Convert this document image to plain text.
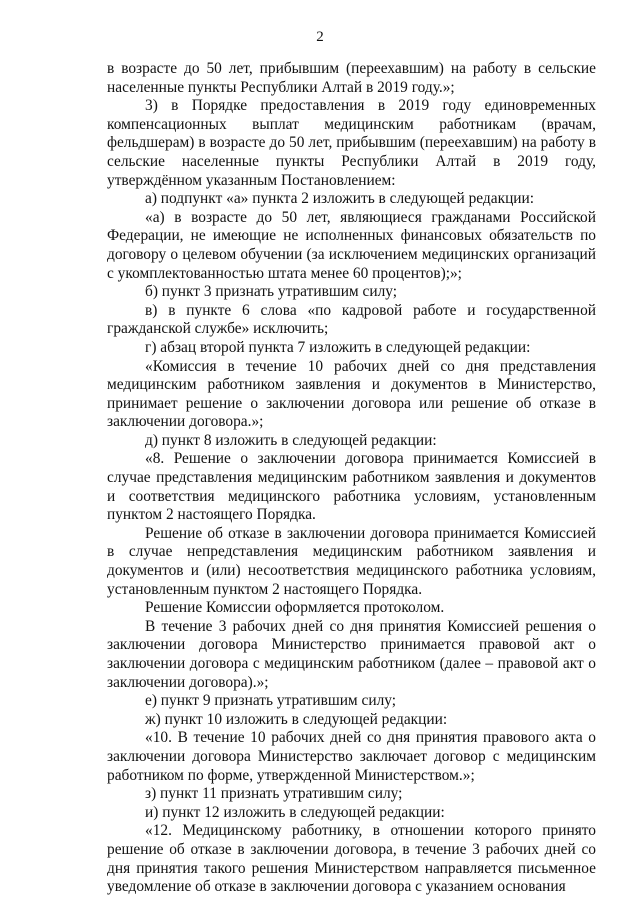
2

в возрасте до 50 лет, прибывшим (переехавшим) на работу в сельские населенные пункты Республики Алтай в 2019 году.»;

3) в Порядке предоставления в 2019 году единовременных компенсационных выплат медицинским работникам (врачам, фельдшерам) в возрасте до 50 лет, прибывшим (переехавшим) на работу в сельские населенные пункты Республики Алтай в 2019 году, утверждённом указанным Постановлением:

а) подпункт «а» пункта 2 изложить в следующей редакции:

«а) в возрасте до 50 лет, являющиеся гражданами Российской Федерации, не имеющие не исполненных финансовых обязательств по договору о целевом обучении (за исключением медицинских организаций с укомплектованностью штата менее 60 процентов);»;

б) пункт 3 признать утратившим силу;

в) в пункте 6 слова «по кадровой работе и государственной гражданской службе» исключить;

г) абзац второй пункта 7 изложить в следующей редакции:

«Комиссия в течение 10 рабочих дней со дня представления медицинским работником заявления и документов в Министерство, принимает решение о заключении договора или решение об отказе в заключении договора.»;

д) пункт 8 изложить в следующей редакции:

«8. Решение о заключении договора принимается Комиссией в случае представления медицинским работником заявления и документов и соответствия медицинского работника условиям, установленным пунктом 2 настоящего Порядка.

Решение об отказе в заключении договора принимается Комиссией в случае непредставления медицинским работником заявления и документов и (или) несоответствия медицинского работника условиям, установленным пунктом 2 настоящего Порядка.

Решение Комиссии оформляется протоколом.

В течение 3 рабочих дней со дня принятия Комиссией решения о заключении договора Министерство принимается правовой акт о заключении договора с медицинским работником (далее – правовой акт о заключении договора).»;

е) пункт 9 признать утратившим силу;

ж) пункт 10 изложить в следующей редакции:

«10. В течение 10 рабочих дней со дня принятия правового акта о заключении договора Министерство заключает договор с медицинским работником по форме, утвержденной Министерством.»;

з) пункт 11 признать утратившим силу;

и) пункт 12 изложить в следующей редакции:

«12. Медицинскому работнику, в отношении которого принято решение об отказе в заключении договора, в течение 3 рабочих дней со дня принятия такого решения Министерством направляется письменное уведомление об отказе в заключении договора с указанием основания
